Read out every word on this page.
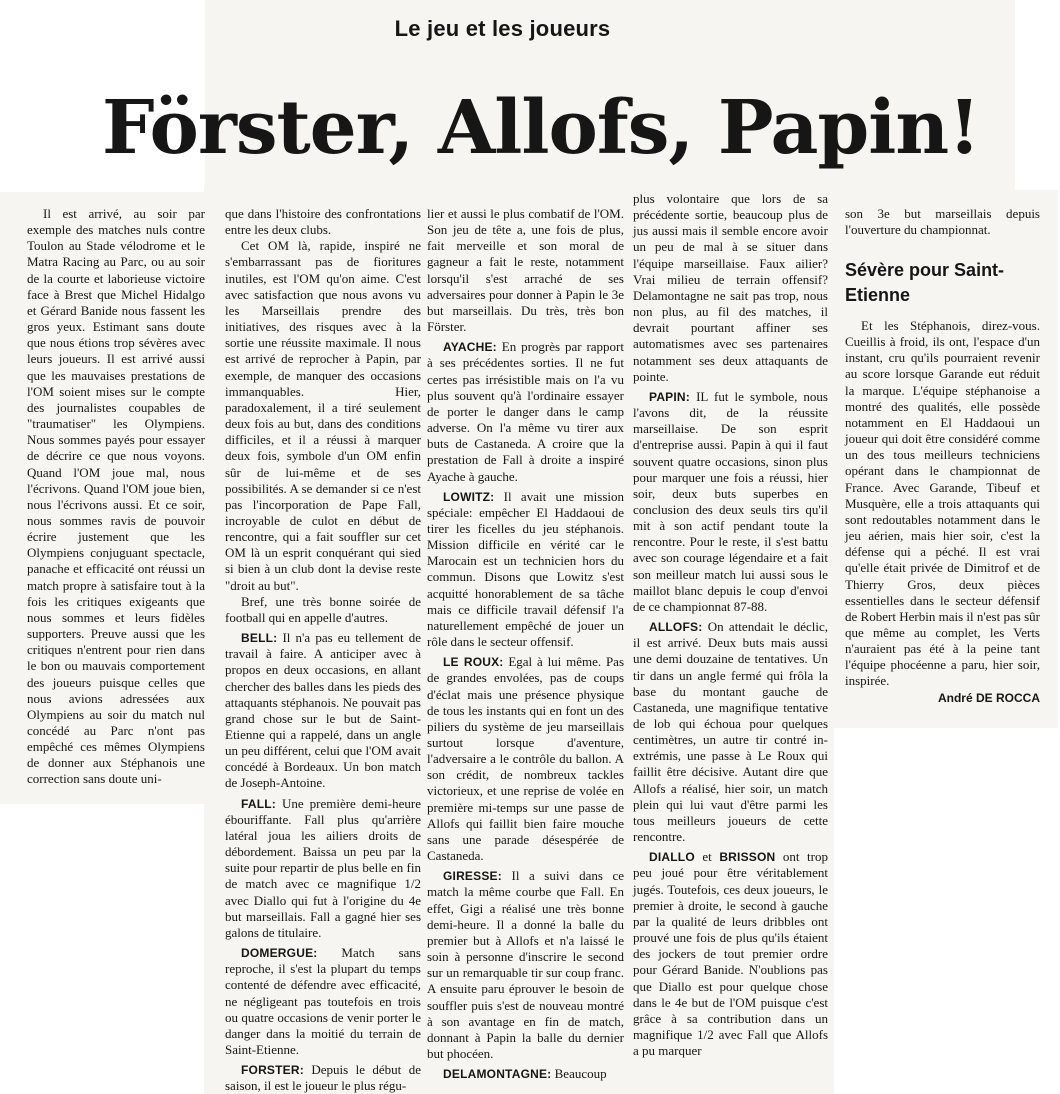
Le jeu et les joueurs
Förster, Allofs, Papin!

Il est arrivé, au soir par exemple des matches nuls contre Toulon au Stade vélodrome et le Matra Racing au Parc, ou au soir de la courte et laborieuse victoire face à Brest que Michel Hidalgo et Gérard Banide nous fassent les gros yeux. Estimant sans doute que nous étions trop sévères avec leurs joueurs. Il est arrivé aussi que les mauvaises prestations de l'OM soient mises sur le compte des journalistes coupables de "traumatiser" les Olympiens. Nous sommes payés pour essayer de décrire ce que nous voyons. Quand l'OM joue mal, nous l'écrivons. Quand l'OM joue bien, nous l'écrivons aussi. Et ce soir, nous sommes ravis de pouvoir écrire justement que les Olympiens conjuguant spectacle, panache et efficacité ont réussi un match propre à satisfaire tout à la fois les critiques exigeants que nous sommes et leurs fidèles supporters. Preuve aussi que les critiques n'entrent pour rien dans le bon ou mauvais comportement des joueurs puisque celles que nous avions adressées aux Olympiens au soir du match nul concédé au Parc n'ont pas empêché ces mêmes Olympiens de donner aux Stéphanois une correction sans doute uni-

que dans l'histoire des confrontations entre les deux clubs.

Cet OM là, rapide, inspiré ne s'embarrassant pas de fioritures inutiles, est l'OM qu'on aime. C'est avec satisfaction que nous avons vu les Marseillais prendre des initiatives, des risques avec à la sortie une réussite maximale. Il nous est arrivé de reprocher à Papin, par exemple, de manquer des occasions immanquables. Hier, paradoxalement, il a tiré seulement deux fois au but, dans des conditions difficiles, et il a réussi à marquer deux fois, symbole d'un OM enfin sûr de lui-même et de ses possibilités. A se demander si ce n'est pas l'incorporation de Pape Fall, incroyable de culot en début de rencontre, qui a fait souffler sur cet OM là un esprit conquérant qui sied si bien à un club dont la devise reste "droit au but".

Bref, une très bonne soirée de football qui en appelle d'autres.

BELL: Il n'a pas eu tellement de travail à faire. A anticiper avec à propos en deux occasions, en allant chercher des balles dans les pieds des attaquants stéphanois. Ne pouvait pas grand chose sur le but de Saint-Etienne qui a rappelé, dans un angle un peu différent, celui que l'OM avait concédé à Bordeaux. Un bon match de Joseph-Antoine.

FALL: Une première demi-heure ébouriffante. Fall plus qu'arrière latéral joua les ailiers droits de débordement. Baissa un peu par la suite pour repartir de plus belle en fin de match avec ce magnifique 1/2 avec Diallo qui fut à l'origine du 4e but marseillais. Fall a gagné hier ses galons de titulaire.

DOMERGUE: Match sans reproche, il s'est la plupart du temps contenté de défendre avec efficacité, ne négligeant pas toutefois en trois ou quatre occasions de venir porter le danger dans la moitié du terrain de Saint-Etienne.

FORSTER: Depuis le début de saison, il est le joueur le plus régu-

lier et aussi le plus combatif de l'OM. Son jeu de tête a, une fois de plus, fait merveille et son moral de gagneur a fait le reste, notamment lorsqu'il s'est arraché de ses adversaires pour donner à Papin le 3e but marseillais. Du très, très bon Förster.

AYACHE: En progrès par rapport à ses précédentes sorties. Il ne fut certes pas irrésistible mais on l'a vu plus souvent qu'à l'ordinaire essayer de porter le danger dans le camp adverse. On l'a même vu tirer aux buts de Castaneda. A croire que la prestation de Fall à droite a inspiré Ayache à gauche.

LOWITZ: Il avait une mission spéciale: empêcher El Haddaoui de tirer les ficelles du jeu stéphanois. Mission difficile en vérité car le Marocain est un technicien hors du commun. Disons que Lowitz s'est acquitté honorablement de sa tâche mais ce difficile travail défensif l'a naturellement empêché de jouer un rôle dans le secteur offensif.

LE ROUX: Egal à lui même. Pas de grandes envolées, pas de coups d'éclat mais une présence physique de tous les instants qui en font un des piliers du système de jeu marseillais surtout lorsque d'aventure, l'adversaire a le contrôle du ballon. A son crédit, de nombreux tackles victorieux, et une reprise de volée en première mi-temps sur une passe de Allofs qui faillit bien faire mouche sans une parade désespérée de Castaneda.

GIRESSE: Il a suivi dans ce match la même courbe que Fall. En effet, Gigi a réalisé une très bonne demi-heure. Il a donné la balle du premier but à Allofs et n'a laissé le soin à personne d'inscrire le second sur un remarquable tir sur coup franc. A ensuite paru éprouver le besoin de souffler puis s'est de nouveau montré à son avantage en fin de match, donnant à Papin la balle du dernier but phocéen.

DELAMONTAGNE: Beaucoup

plus volontaire que lors de sa précédente sortie, beaucoup plus de jus aussi mais il semble encore avoir un peu de mal à se situer dans l'équipe marseillaise. Faux ailier? Vrai milieu de terrain offensif? Delamontagne ne sait pas trop, nous non plus, au fil des matches, il devrait pourtant affiner ses automatismes avec ses partenaires notamment ses deux attaquants de pointe.

PAPIN: IL fut le symbole, nous l'avons dit, de la réussite marseillaise. De son esprit d'entreprise aussi. Papin à qui il faut souvent quatre occasions, sinon plus pour marquer une fois a réussi, hier soir, deux buts superbes en conclusion des deux seuls tirs qu'il mit à son actif pendant toute la rencontre. Pour le reste, il s'est battu avec son courage légendaire et a fait son meilleur match lui aussi sous le maillot blanc depuis le coup d'envoi de ce championnat 87-88.

ALLOFS: On attendait le déclic, il est arrivé. Deux buts mais aussi une demi douzaine de tentatives. Un tir dans un angle fermé qui frôla la base du montant gauche de Castaneda, une magnifique tentative de lob qui échoua pour quelques centimètres, un autre tir contré in-extrémis, une passe à Le Roux qui faillit être décisive. Autant dire que Allofs a réalisé, hier soir, un match plein qui lui vaut d'être parmi les tous meilleurs joueurs de cette rencontre.

DIALLO et BRISSON ont trop peu joué pour être véritablement jugés. Toutefois, ces deux joueurs, le premier à droite, le second à gauche par la qualité de leurs dribbles ont prouvé une fois de plus qu'ils étaient des jockers de tout premier ordre pour Gérard Banide. N'oublions pas que Diallo est pour quelque chose dans le 4e but de l'OM puisque c'est grâce à sa contribution dans un magnifique 1/2 avec Fall que Allofs a pu marquer

son 3e but marseillais depuis l'ouverture du championnat.

Sévère pour Saint-Etienne

Et les Stéphanois, direz-vous. Cueillis à froid, ils ont, l'espace d'un instant, cru qu'ils pourraient revenir au score lorsque Garande eut réduit la marque. L'équipe stéphanoise a montré des qualités, elle possède notamment en El Haddaoui un joueur qui doit être considéré comme un des tous meilleurs techniciens opérant dans le championnat de France. Avec Garande, Tibeuf et Musquère, elle a trois attaquants qui sont redoutables notamment dans le jeu aérien, mais hier soir, c'est la défense qui a péché. Il est vrai qu'elle était privée de Dimitrof et de Thierry Gros, deux pièces essentielles dans le secteur défensif de Robert Herbin mais il n'est pas sûr que même au complet, les Verts n'auraient pas été à la peine tant l'équipe phocéenne a paru, hier soir, inspirée.

André DE ROCCA
